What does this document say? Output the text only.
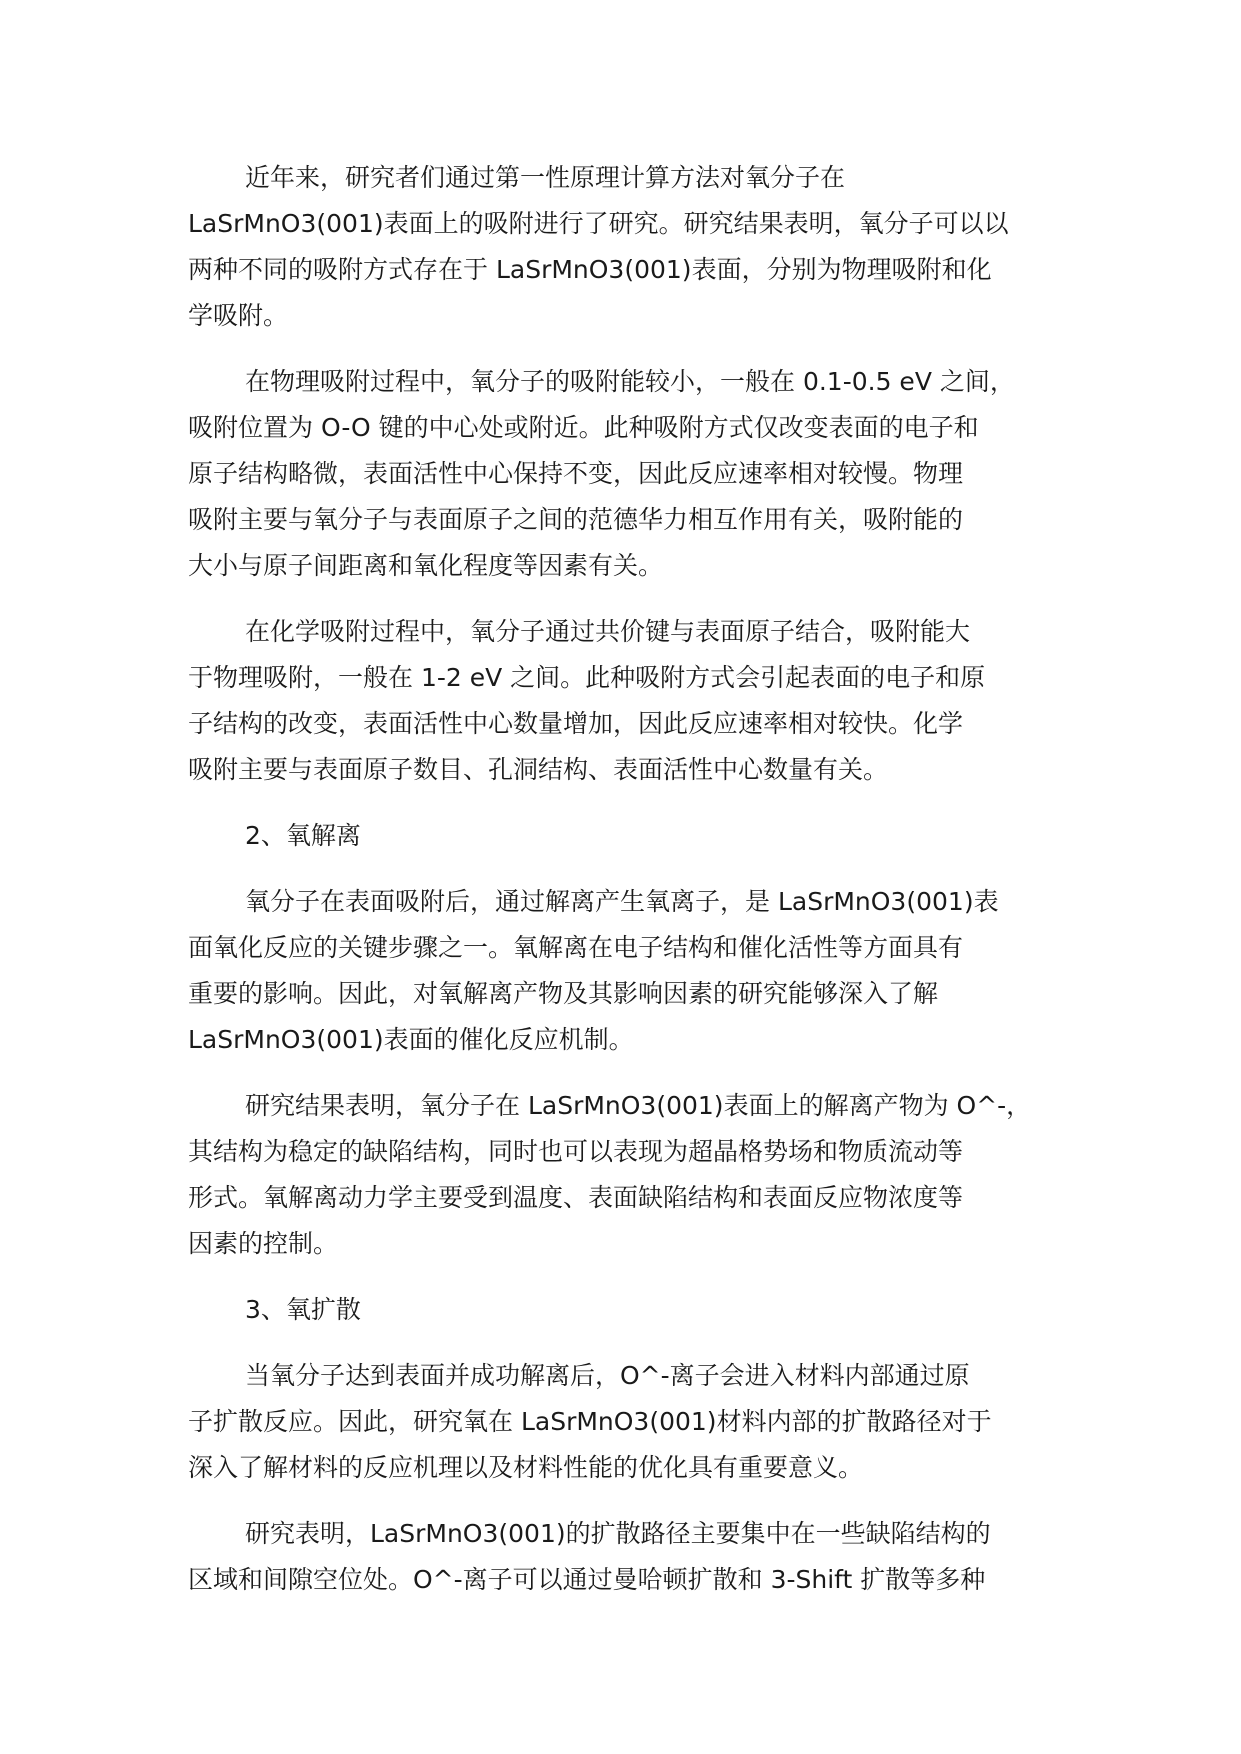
近年来，研究者们通过第一性原理计算方法对氧分子在
LaSrMnO3(001)表面上的吸附进行了研究。研究结果表明，氧分子可以以
两种不同的吸附方式存在于 LaSrMnO3(001)表面，分别为物理吸附和化
学吸附。
在物理吸附过程中，氧分子的吸附能较小，一般在 0.1-0.5 eV 之间，
吸附位置为 O-O 键的中心处或附近。此种吸附方式仅改变表面的电子和
原子结构略微，表面活性中心保持不变，因此反应速率相对较慢。物理
吸附主要与氧分子与表面原子之间的范德华力相互作用有关，吸附能的
大小与原子间距离和氧化程度等因素有关。
在化学吸附过程中，氧分子通过共价键与表面原子结合，吸附能大
于物理吸附，一般在 1-2 eV 之间。此种吸附方式会引起表面的电子和原
子结构的改变，表面活性中心数量增加，因此反应速率相对较快。化学
吸附主要与表面原子数目、孔洞结构、表面活性中心数量有关。
2、氧解离
氧分子在表面吸附后，通过解离产生氧离子，是 LaSrMnO3(001)表
面氧化反应的关键步骤之一。氧解离在电子结构和催化活性等方面具有
重要的影响。因此，对氧解离产物及其影响因素的研究能够深入了解
LaSrMnO3(001)表面的催化反应机制。
研究结果表明，氧分子在 LaSrMnO3(001)表面上的解离产物为 O^-，
其结构为稳定的缺陷结构，同时也可以表现为超晶格势场和物质流动等
形式。氧解离动力学主要受到温度、表面缺陷结构和表面反应物浓度等
因素的控制。
3、氧扩散
当氧分子达到表面并成功解离后，O^-离子会进入材料内部通过原
子扩散反应。因此，研究氧在 LaSrMnO3(001)材料内部的扩散路径对于
深入了解材料的反应机理以及材料性能的优化具有重要意义。
研究表明，LaSrMnO3(001)的扩散路径主要集中在一些缺陷结构的
区域和间隙空位处。O^-离子可以通过曼哈顿扩散和 3-Shift 扩散等多种
